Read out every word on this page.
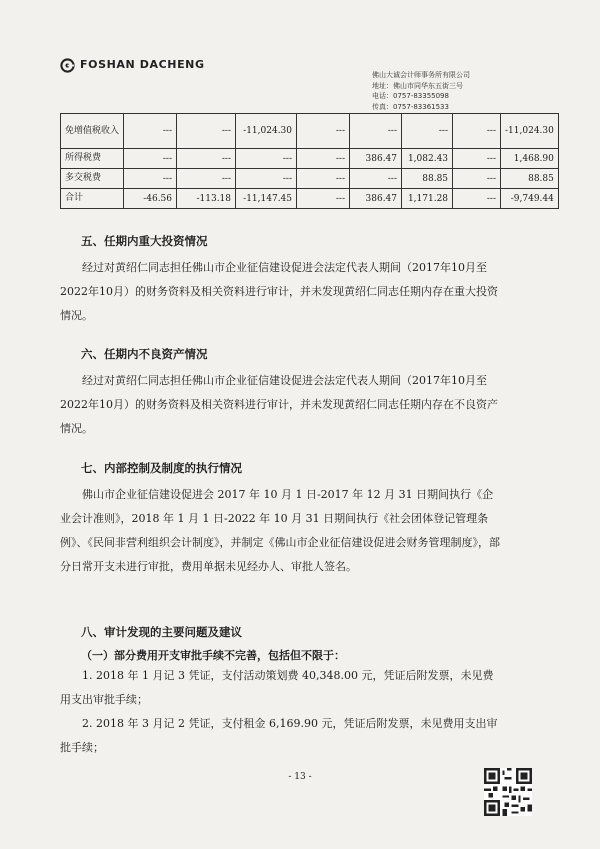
FOSHAN DACHENG
佛山大诚会计师事务所有限公司
地址：佛山市同华东五街三号
电话：0757-83355098
传真：0757-83361533
免增值税收入	---	---	-11,024.30	---	---	---	---	-11,024.30
所得税费	---	---	---	---	386.47	1,082.43	---	1,468.90
多交税费	---	---	---	---	---	88.85	---	88.85
合计	-46.56	-113.18	-11,147.45	---	386.47	1,171.28	---	-9,749.44
五、任期内重大投资情况
经过对黄绍仁同志担任佛山市企业征信建设促进会法定代表人期间（2017年10月至2022年10月）的财务资料及相关资料进行审计，并未发现黄绍仁同志任期内存在重大投资情况。
六、任期内不良资产情况
经过对黄绍仁同志担任佛山市企业征信建设促进会法定代表人期间（2017年10月至2022年10月）的财务资料及相关资料进行审计，并未发现黄绍仁同志任期内存在不良资产情况。
七、内部控制及制度的执行情况
佛山市企业征信建设促进会 2017 年 10 月 1 日-2017 年 12 月 31 日期间执行《企业会计准则》，2018 年 1 月 1 日-2022 年 10 月 31 日期间执行《社会团体登记管理条例》、《民间非营利组织会计制度》，并制定《佛山市企业征信建设促进会财务管理制度》，部分日常开支未进行审批，费用单据未见经办人、审批人签名。
八、审计发现的主要问题及建议
（一）部分费用开支审批手续不完善，包括但不限于：
1. 2018 年 1 月记 3 凭证，支付活动策划费 40,348.00 元，凭证后附发票，未见费用支出审批手续；
2. 2018 年 3 月记 2 凭证，支付租金 6,169.90 元，凭证后附发票，未见费用支出审批手续；
- 13 -
